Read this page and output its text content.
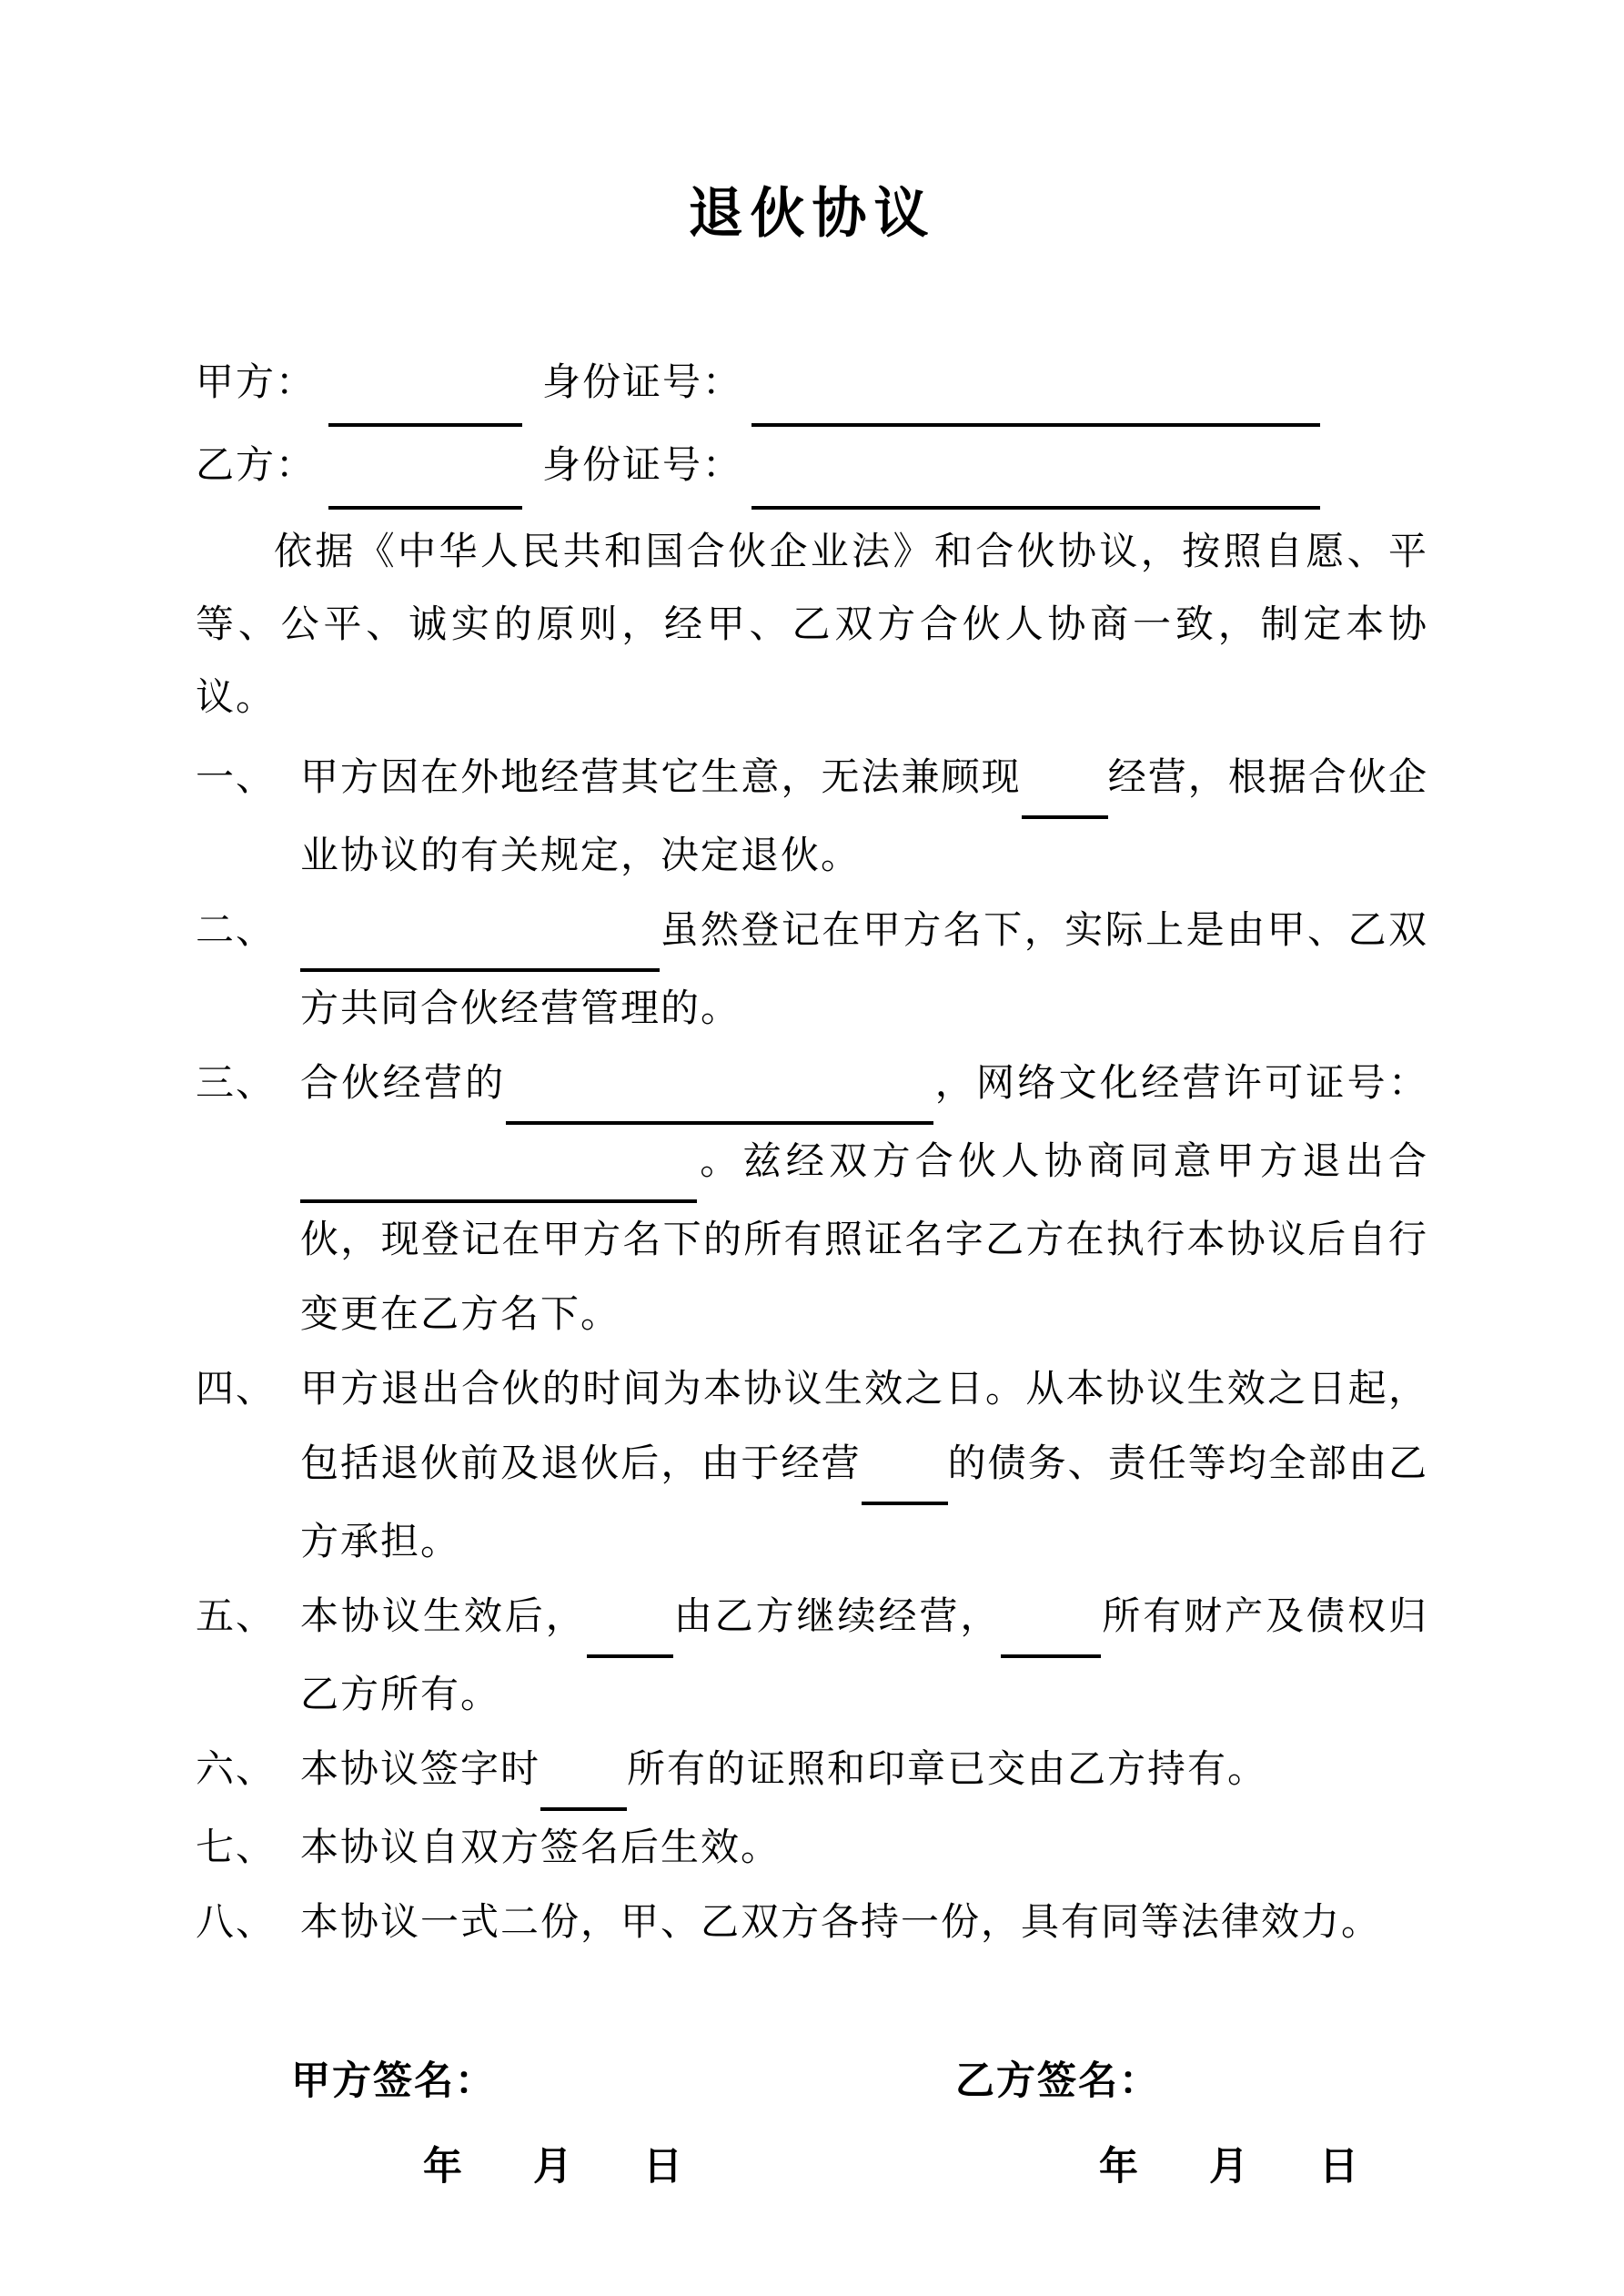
退伙协议
甲方：	身份证号：
乙方：	身份证号：

依据《中华人民共和国合伙企业法》和合伙协议，按照自愿、平等、公平、诚实的原则，经甲、乙双方合伙人协商一致，制定本协议。

一、 甲方因在外地经营其它生意，无法兼顾现 经营，根据合伙企业协议的有关规定，决定退伙。
二、	虽然登记在甲方名下，实际上是由甲、乙双方共同合伙经营管理的。
三、 合伙经营的	，网络文化经营许可证号： 。兹经双方合伙人协商同意甲方退出合伙，现登记在甲方名下的所有照证名字乙方在执行本协议后自行变更在乙方名下。
四、 甲方退出合伙的时间为本协议生效之日。从本协议生效之日起，包括退伙前及退伙后，由于经营 的债务、责任等均全部由乙方承担。
五、 本协议生效后， 由乙方继续经营，	所有财产及债权归乙方所有。
六、 本协议签字时 所有的证照和印章已交由乙方持有。
七、 本协议自双方签名后生效。
八、 本协议一式二份，甲、乙双方各持一份，具有同等法律效力。
甲方签名：	乙方签名：
年 月 日	年 月 日
